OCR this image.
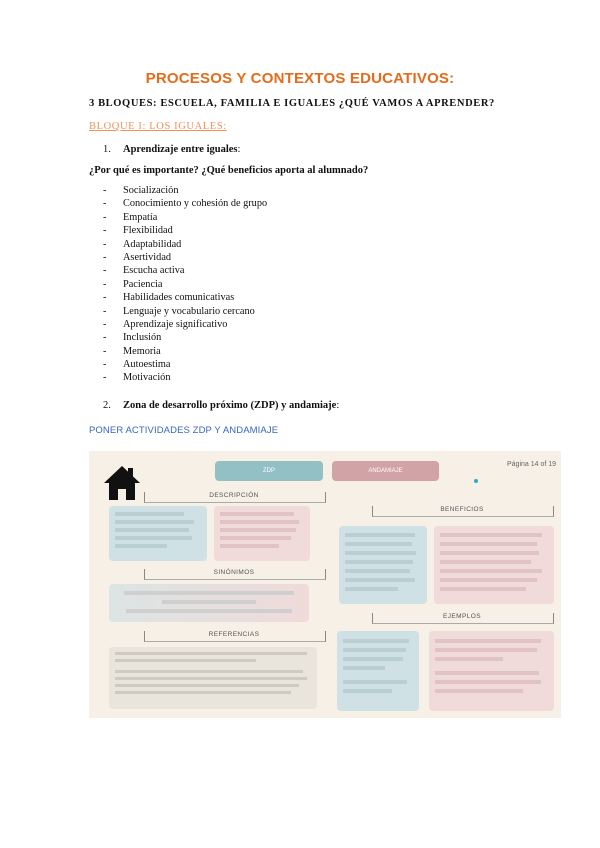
PROCESOS Y CONTEXTOS EDUCATIVOS:
3 BLOQUES: ESCUELA, FAMILIA E IGUALES ¿QUÉ VAMOS A APRENDER?
BLOQUE I: LOS IGUALES:
1. Aprendizaje entre iguales:
¿Por qué es importante? ¿Qué beneficios aporta al alumnado?
- Socialización
- Conocimiento y cohesión de grupo
- Empatía
- Flexibilidad
- Adaptabilidad
- Asertividad
- Escucha activa
- Paciencia
- Habilidades comunicativas
- Lenguaje y vocabulario cercano
- Aprendizaje significativo
- Inclusión
- Memoria
- Autoestima
- Motivación
2. Zona de desarrollo próximo (ZDP) y andamiaje:
PONER ACTIVIDADES ZDP Y ANDAMIAJE
ZDP	ANDAMIAJE
Página 14 of 19
DESCRIPCIÓN
SINÓNIMOS
REFERENCIAS
BENEFICIOS
EJEMPLOS
